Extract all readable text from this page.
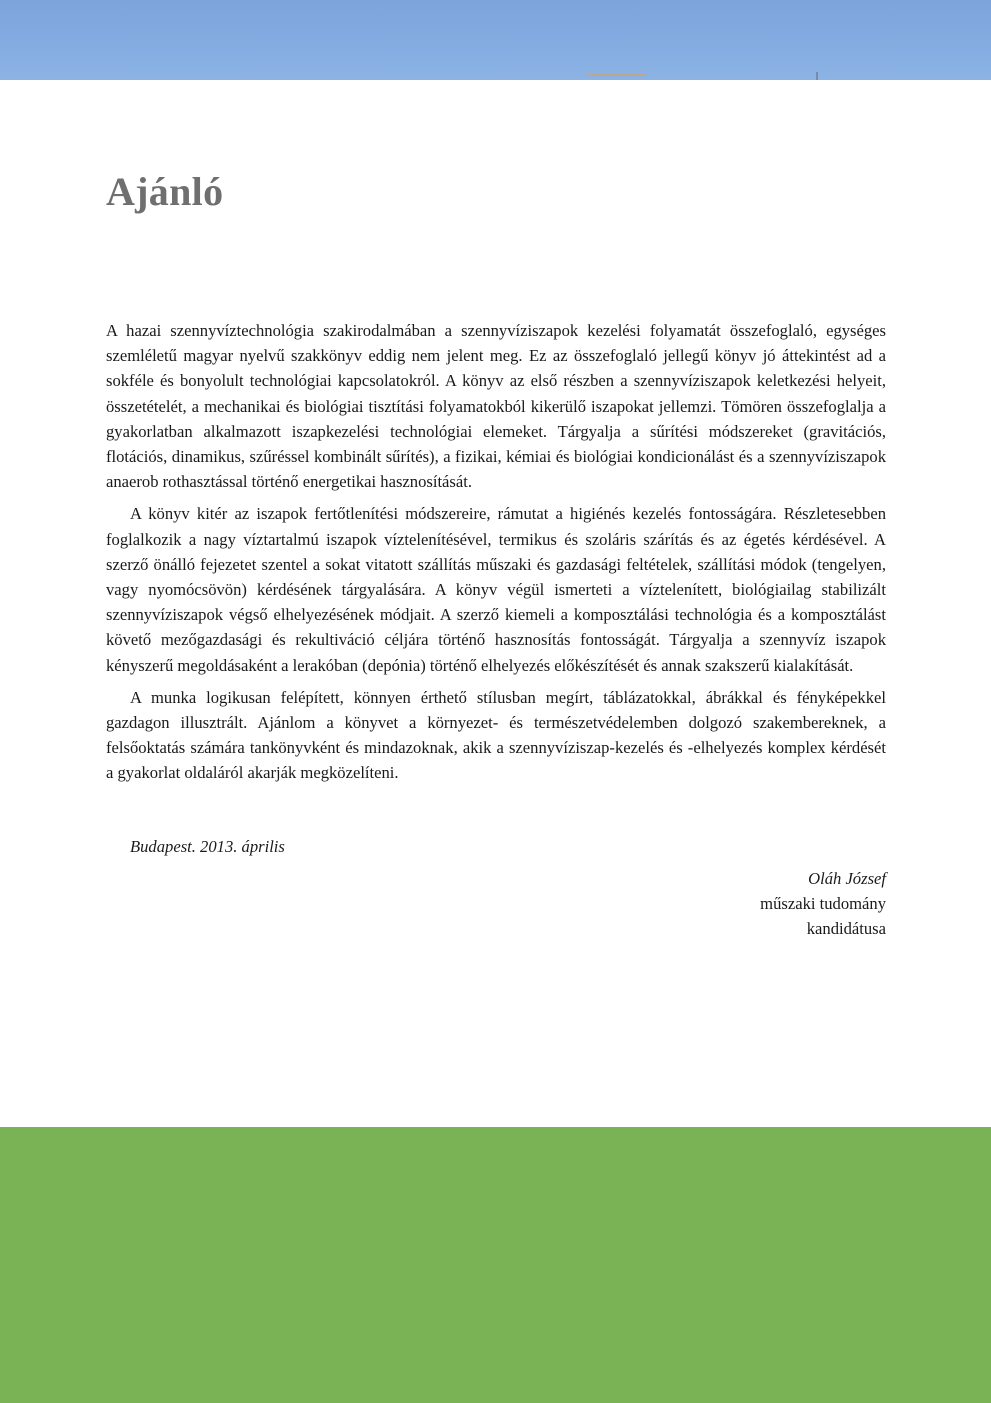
Ajánló

A hazai szennyvíztechnológia szakirodalmában a szennyvíziszapok kezelési folyamatát összefoglaló, egységes szemléletű magyar nyelvű szakkönyv eddig nem jelent meg. Ez az összefoglaló jellegű könyv jó áttekintést ad a sokféle és bonyolult technológiai kapcsolatokról. A könyv az első részben a szennyvíziszapok keletkezési helyeit, összetételét, a mechanikai és biológiai tisztítási folyamatokból kikerülő iszapokat jellemzi. Tömören összefoglalja a gyakorlatban alkalmazott iszapkezelési technológiai elemeket. Tárgyalja a sűrítési módszereket (gravitációs, flotációs, dinamikus, szűréssel kombinált sűrítés), a fizikai, kémiai és biológiai kondicionálást és a szennyvíziszapok anaerob rothasztással történő energetikai hasznosítását.

A könyv kitér az iszapok fertőtlenítési módszereire, rámutat a higiénés kezelés fontosságára. Részletesebben foglalkozik a nagy víztartalmú iszapok víztelenítésével, termikus és szoláris szárítás és az égetés kérdésével. A szerző önálló fejezetet szentel a sokat vitatott szállítás műszaki és gazdasági feltételek, szállítási módok (tengelyen, vagy nyomócsövön) kérdésének tárgyalására. A könyv végül ismerteti a víztelenített, biológiailag stabilizált szennyvíziszapok végső elhelyezésének módjait. A szerző kiemeli a komposztálási technológia és a komposztálást követő mezőgazdasági és rekultiváció céljára történő hasznosítás fontosságát. Tárgyalja a szennyvíz iszapok kényszerű megoldásaként a lerakóban (depónia) történő elhelyezés előkészítését és annak szakszerű kialakítását.

A munka logikusan felépített, könnyen érthető stílusban megírt, táblázatokkal, ábrákkal és fényképekkel gazdagon illusztrált. Ajánlom a könyvet a környezet- és természetvédelemben dolgozó szakembereknek, a felsőoktatás számára tankönyvként és mindazoknak, akik a szennyvíziszap-kezelés és -elhelyezés komplex kérdését a gyakorlat oldaláról akarják megközelíteni.

Budapest. 2013. április
Oláh József
műszaki tudomány
kandidátusa
